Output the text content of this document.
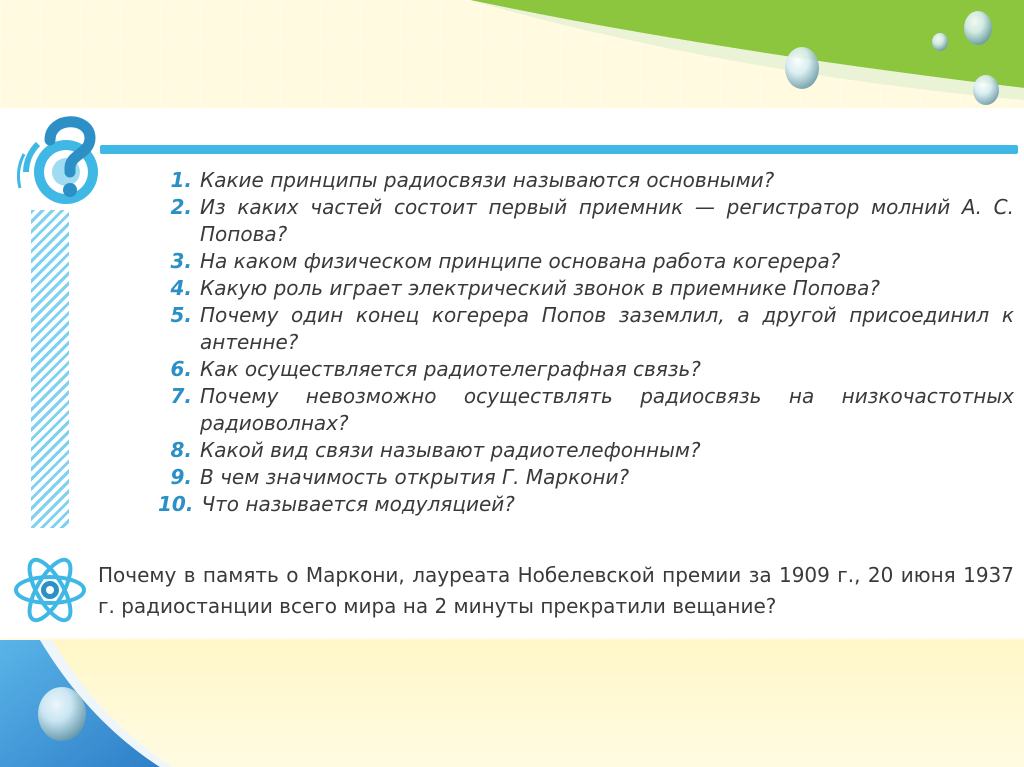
1. Какие принципы радиосвязи называются основными?
2. Из каких частей состоит первый приемник — регистратор молний А. С. Попова?
3. На каком физическом принципе основана работа когерера?
4. Какую роль играет электрический звонок в приемнике Попова?
5. Почему один конец когерера Попов заземлил, а другой присоединил к антенне?
6. Как осуществляется радиотелеграфная связь?
7. Почему невозможно осуществлять радиосвязь на низкочастотных радиоволнах?
8. Какой вид связи называют радиотелефонным?
9. В чем значимость открытия Г. Маркони?
10. Что называется модуляцией?

Почему в память о Маркони, лауреата Нобелевской премии за 1909 г., 20 июня 1937 г. радиостанции всего мира на 2 минуты прекратили вещание?
